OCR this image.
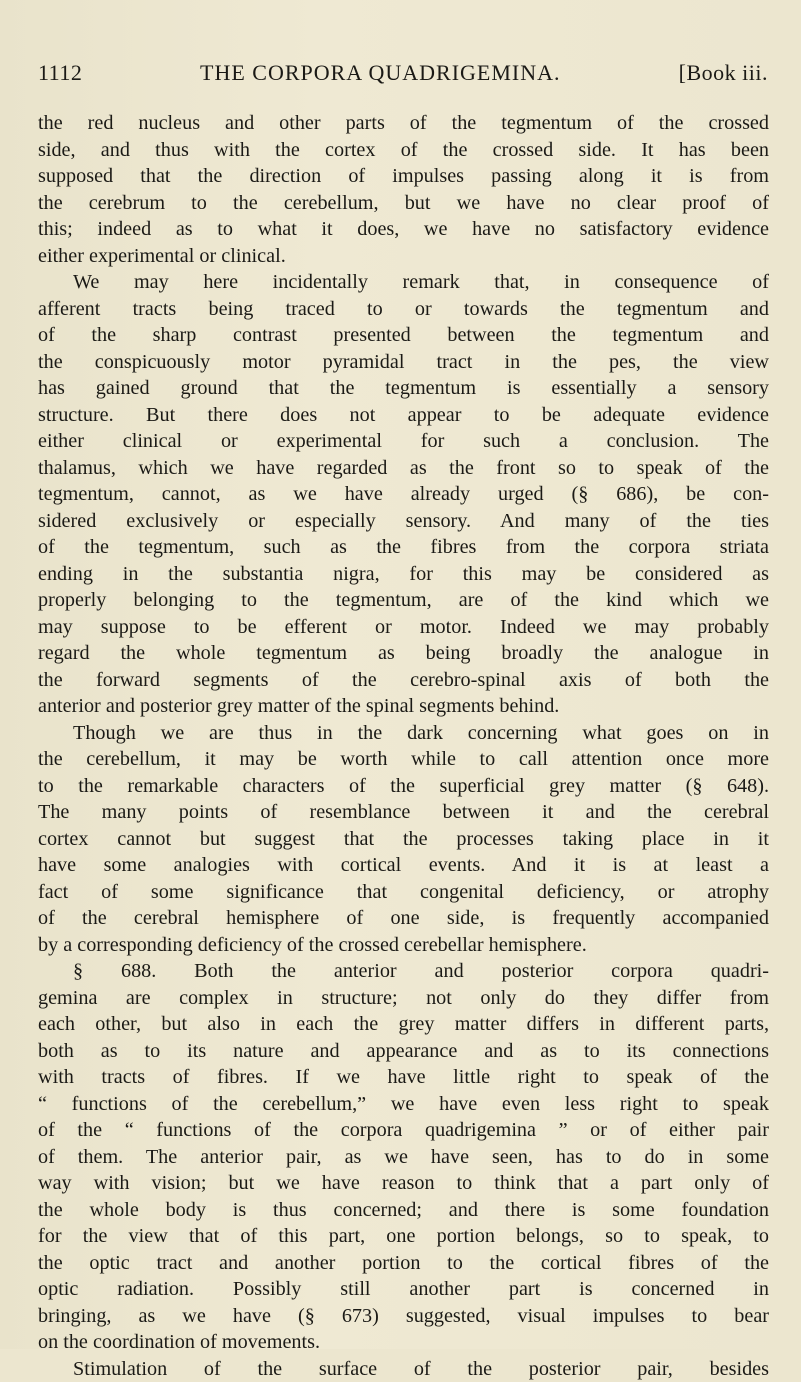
1112	THE CORPORA QUADRIGEMINA.	[Book iii.

the red nucleus and other parts of the tegmentum of the crossed

side, and thus with the cortex of the crossed side. It has been

supposed that the direction of impulses passing along it is from

the cerebrum to the cerebellum, but we have no clear proof of

this; indeed as to what it does, we have no satisfactory evidence

either experimental or clinical.

We may here incidentally remark that, in consequence of

afferent tracts being traced to or towards the tegmentum and

of the sharp contrast presented between the tegmentum and

the conspicuously motor pyramidal tract in the pes, the view

has gained ground that the tegmentum is essentially a sensory

structure. But there does not appear to be adequate evidence

either clinical or experimental for such a conclusion. The

thalamus, which we have regarded as the front so to speak of the

tegmentum, cannot, as we have already urged (§ 686), be con-

sidered exclusively or especially sensory. And many of the ties

of the tegmentum, such as the fibres from the corpora striata

ending in the substantia nigra, for this may be considered as

properly belonging to the tegmentum, are of the kind which we

may suppose to be efferent or motor. Indeed we may probably

regard the whole tegmentum as being broadly the analogue in

the forward segments of the cerebro-spinal axis of both the

anterior and posterior grey matter of the spinal segments behind.

Though we are thus in the dark concerning what goes on in

the cerebellum, it may be worth while to call attention once more

to the remarkable characters of the superficial grey matter (§ 648).

The many points of resemblance between it and the cerebral

cortex cannot but suggest that the processes taking place in it

have some analogies with cortical events. And it is at least a

fact of some significance that congenital deficiency, or atrophy

of the cerebral hemisphere of one side, is frequently accompanied

by a corresponding deficiency of the crossed cerebellar hemisphere.

§ 688. Both the anterior and posterior corpora quadri-

gemina are complex in structure; not only do they differ from

each other, but also in each the grey matter differs in different parts,

both as to its nature and appearance and as to its connections

with tracts of fibres. If we have little right to speak of the

“ functions of the cerebellum,” we have even less right to speak

of the “ functions of the corpora quadrigemina ” or of either pair

of them. The anterior pair, as we have seen, has to do in some

way with vision; but we have reason to think that a part only of

the whole body is thus concerned; and there is some foundation

for the view that of this part, one portion belongs, so to speak, to

the optic tract and another portion to the cortical fibres of the

optic radiation. Possibly still another part is concerned in

bringing, as we have (§ 673) suggested, visual impulses to bear

on the coordination of movements.

Stimulation of the surface of the posterior pair, besides
